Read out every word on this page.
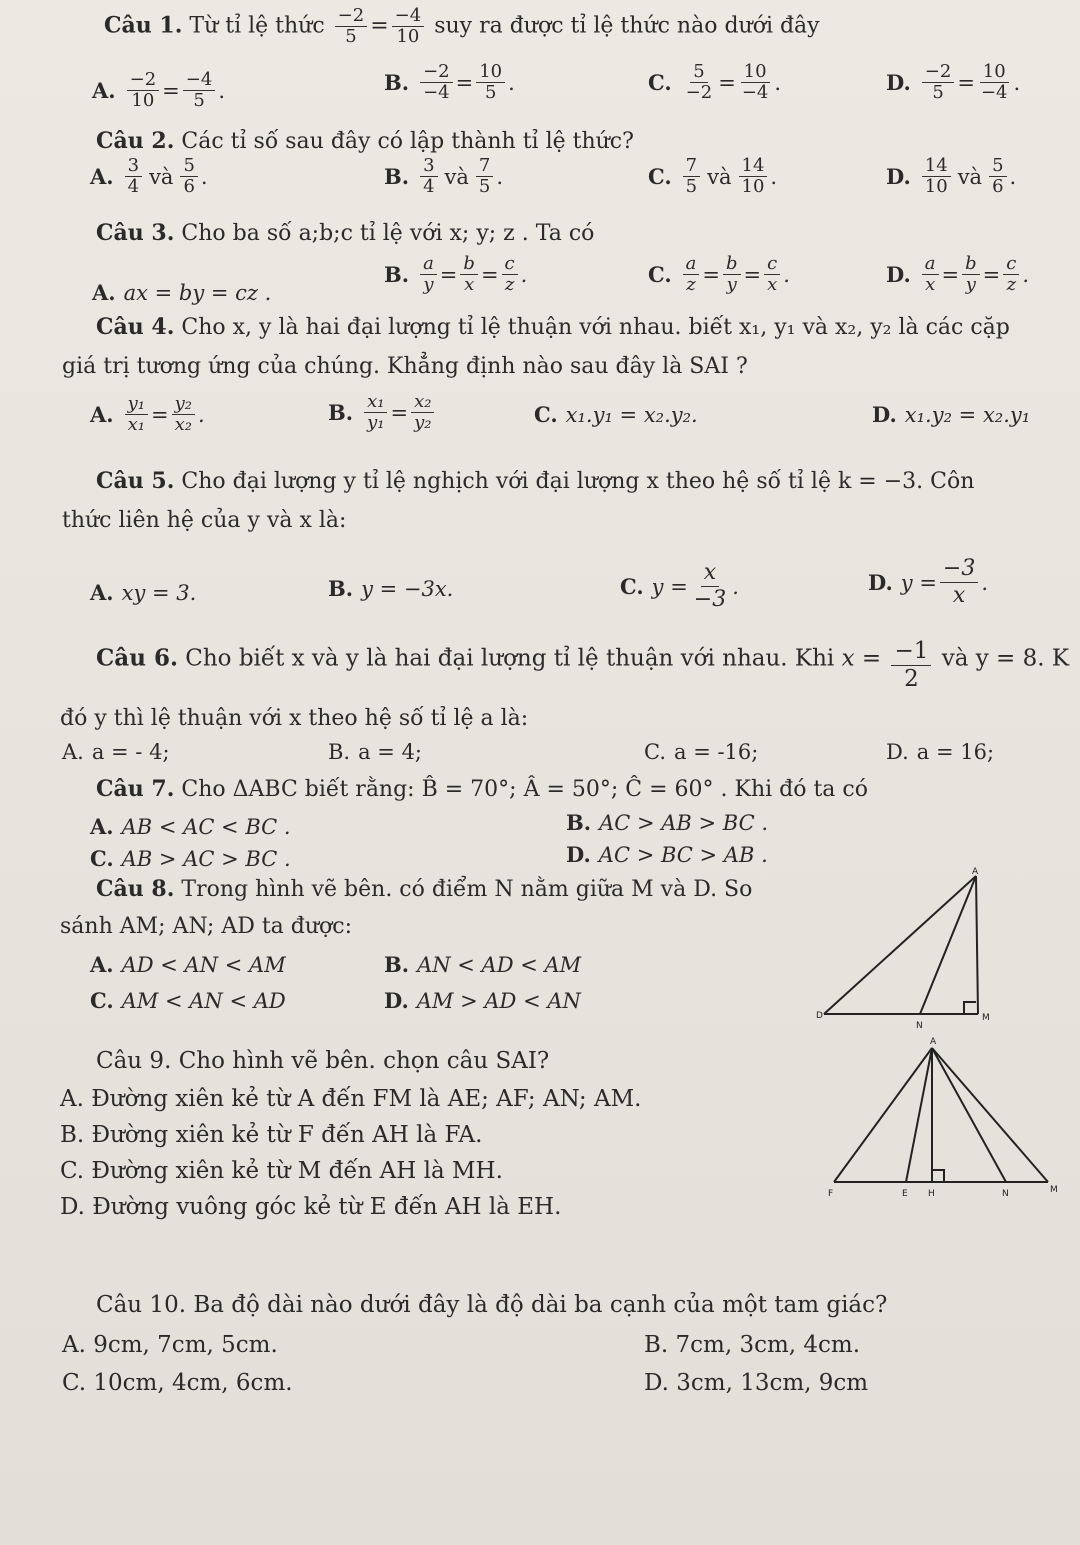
Câu 1. Từ tỉ lệ thức $\frac{-2}{5} = \frac{-4}{10}$ suy ra được tỉ lệ thức nào dưới đây
A. $\frac{-2}{10} = \frac{-4}{5}$ .	B. $\frac{-2}{-4} = \frac{10}{5}$ .	C. $\frac{5}{-2} = \frac{10}{-4}$ .	D. $\frac{-2}{5} = \frac{10}{-4}$ .
Câu 2. Các tỉ số sau đây có lập thành tỉ lệ thức?
A. $\frac{3}{4}$ và $\frac{5}{6}$ .	B. $\frac{3}{4}$ và $\frac{7}{5}$ .	C. $\frac{7}{5}$ và $\frac{14}{10}$ .	D. $\frac{14}{10}$ và $\frac{5}{6}$ .
Câu 3. Cho ba số a;b;c tỉ lệ với x; y; z . Ta có
A. ax = by = cz .
B. $\frac{a}{y} = \frac{b}{x} = \frac{c}{z}$ .	C. $\frac{a}{z} = \frac{b}{y} = \frac{c}{x}$ .	D. $\frac{a}{x} = \frac{b}{y} = \frac{c}{z}$ .
Câu 4. Cho x, y là hai đại lượng tỉ lệ thuận với nhau. biết x₁, y₁ và x₂, y₂ là các cặp
giá trị tương ứng của chúng. Khẳng định nào sau đây là SAI ?
A. $\frac{\text{y₁}}{\text{x₁}} = \frac{\text{y₂}}{\text{x₂}}$ .	B. $\frac{\text{x₁}}{\text{y₁}} = \frac{\text{x₂}}{\text{y₂}}$	C. x₁.y₁ = x₂.y₂.	D. x₁.y₂ = x₂.y₁
Câu 5. Cho đại lượng y tỉ lệ nghịch với đại lượng x theo hệ số tỉ lệ k = −3. Côn
thức liên hệ của y và x là:
A. xy = 3.	B. y = −3x.	C. $y = \frac{x}{-3}$ .	D. $y = \frac{-3}{x}$ .
Câu 6. Cho biết x và y là hai đại lượng tỉ lệ thuận với nhau. Khi $x = \frac{-1}{2}$ và y = 8. K
đó y thì lệ thuận với x theo hệ số tỉ lệ a là:
A. a = - 4;	B. a = 4;	C. a = -16;	D. a = 16;
Câu 7. Cho ΔABC biết rằng: B̂ = 70°; Â = 50°; Ĉ = 60° . Khi đó ta có
A. AB < AC < BC .	B. AC > AB > BC .
C. AB > AC > BC .	D. AC > BC > AB .
Câu 8. Trong hình vẽ bên. có điểm N nằm giữa M và D. So
sánh AM; AN; AD ta được:
A. AD < AN < AM	B. AN < AD < AM
C. AM < AN < AD	D. AM > AD < AN
A
D
N
M
Câu 9. Cho hình vẽ bên. chọn câu SAI?
A. Đường xiên kẻ từ A đến FM là AE; AF; AN; AM.
B. Đường xiên kẻ từ F đến AH là FA.
C. Đường xiên kẻ từ M đến AH là MH.
D. Đường vuông góc kẻ từ E đến AH là EH.
A
F	E H	N	M
Câu 10. Ba độ dài nào dưới đây là độ dài ba cạnh của một tam giác?
A. 9cm, 7cm, 5cm.	B. 7cm, 3cm, 4cm.
C. 10cm, 4cm, 6cm.	D. 3cm, 13cm, 9cm
